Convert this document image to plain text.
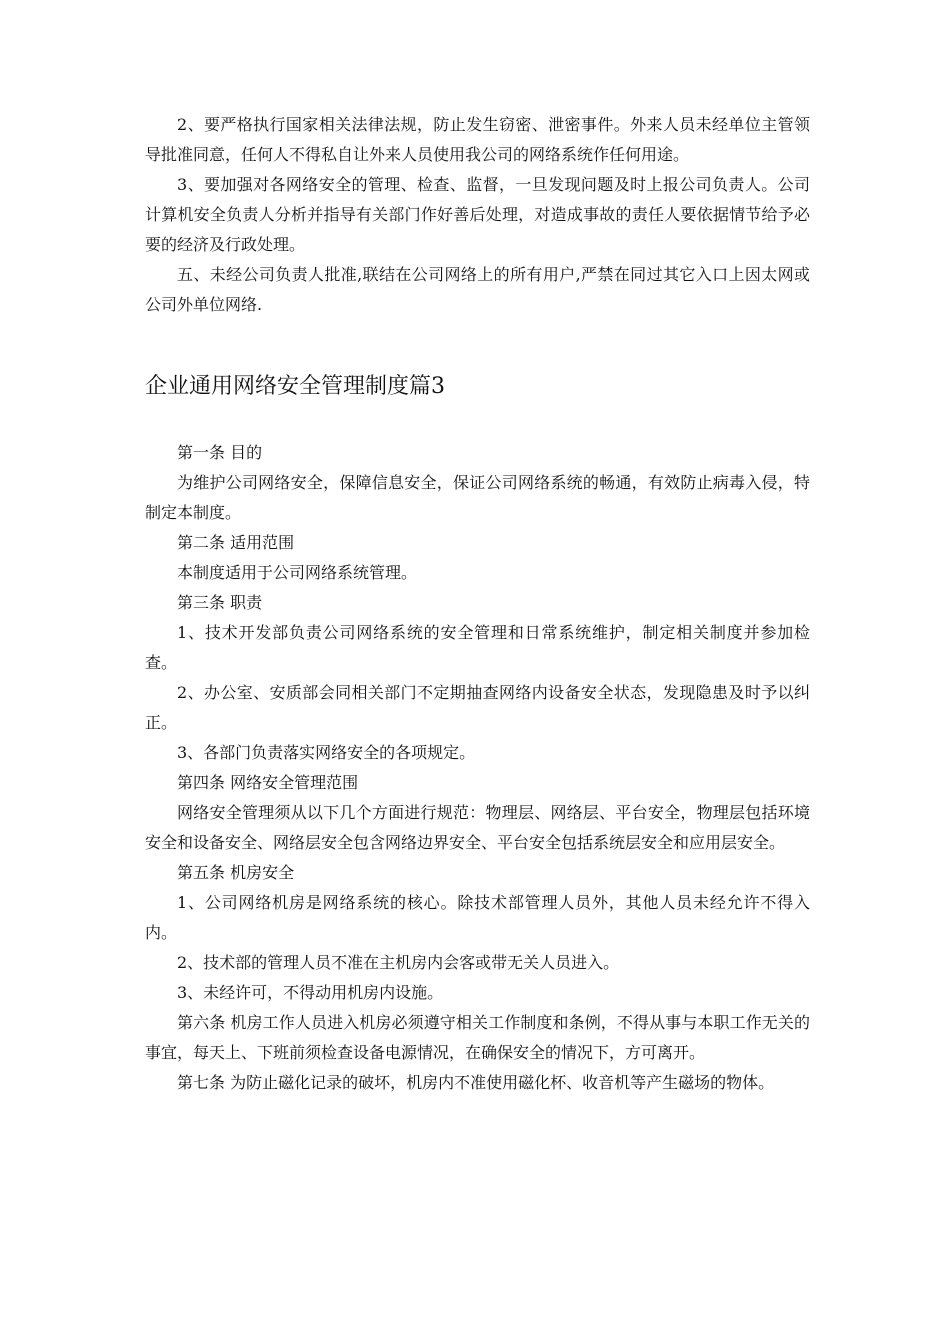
2、要严格执行国家相关法律法规，防止发生窃密、泄密事件。外来人员未经单位主管领导批准同意，任何人不得私自让外来人员使用我公司的网络系统作任何用途。

3、要加强对各网络安全的管理、检查、监督，一旦发现问题及时上报公司负责人。公司计算机安全负责人分析并指导有关部门作好善后处理，对造成事故的责任人要依据情节给予必要的经济及行政处理。

五、未经公司负责人批准,联结在公司网络上的所有用户,严禁在同过其它入口上因太网或公司外单位网络.

企业通用网络安全管理制度篇3

第一条 目的

为维护公司网络安全，保障信息安全，保证公司网络系统的畅通，有效防止病毒入侵，特制定本制度。

第二条 适用范围

本制度适用于公司网络系统管理。

第三条 职责

1、技术开发部负责公司网络系统的安全管理和日常系统维护，制定相关制度并参加检查。

2、办公室、安质部会同相关部门不定期抽查网络内设备安全状态，发现隐患及时予以纠正。

3、各部门负责落实网络安全的各项规定。

第四条 网络安全管理范围

网络安全管理须从以下几个方面进行规范：物理层、网络层、平台安全，物理层包括环境安全和设备安全、网络层安全包含网络边界安全、平台安全包括系统层安全和应用层安全。

第五条 机房安全

1、公司网络机房是网络系统的核心。除技术部管理人员外，其他人员未经允许不得入内。

2、技术部的管理人员不准在主机房内会客或带无关人员进入。

3、未经许可，不得动用机房内设施。

第六条 机房工作人员进入机房必须遵守相关工作制度和条例，不得从事与本职工作无关的事宜，每天上、下班前须检查设备电源情况，在确保安全的情况下，方可离开。

第七条 为防止磁化记录的破坏，机房内不准使用磁化杯、收音机等产生磁场的物体。
